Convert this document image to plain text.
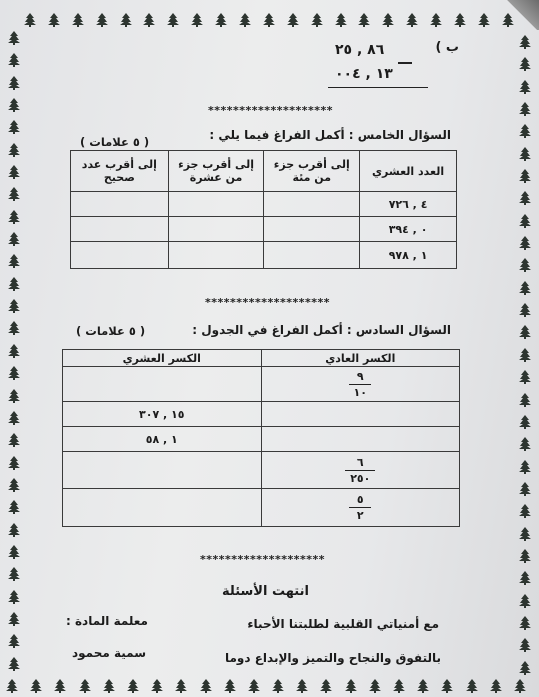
ب )
٨٦ , ٢٥
١٣ , ٠٠٤
********************
السؤال الخامس : أكمل الفراغ فيما يلي :
( ٥ علامات )
العدد العشري	إلى أقرب جزء من مئة	إلى أقرب جزء من عشرة	إلى أقرب عدد صحيح
٤ , ٧٢٦			
٠ , ٣٩٤			
١ , ٩٧٨			
********************
السؤال السادس : أكمل الفراغ في الجدول :
( ٥ علامات )
الكسر العادي	الكسر العشري

$\frac{٩}{١٠}$

	١٥ , ٣٠٧
	١ , ٥٨

$\frac{٦}{٢٥٠}$

$\frac{٥}{٢}$

********************
انتهت الأسئلة
مع أمنياتي القلبية لطلبتنا الأحباء
بالتفوق والنجاح والتميز والإبداع دوما
معلمة المادة :
سمية محمود
